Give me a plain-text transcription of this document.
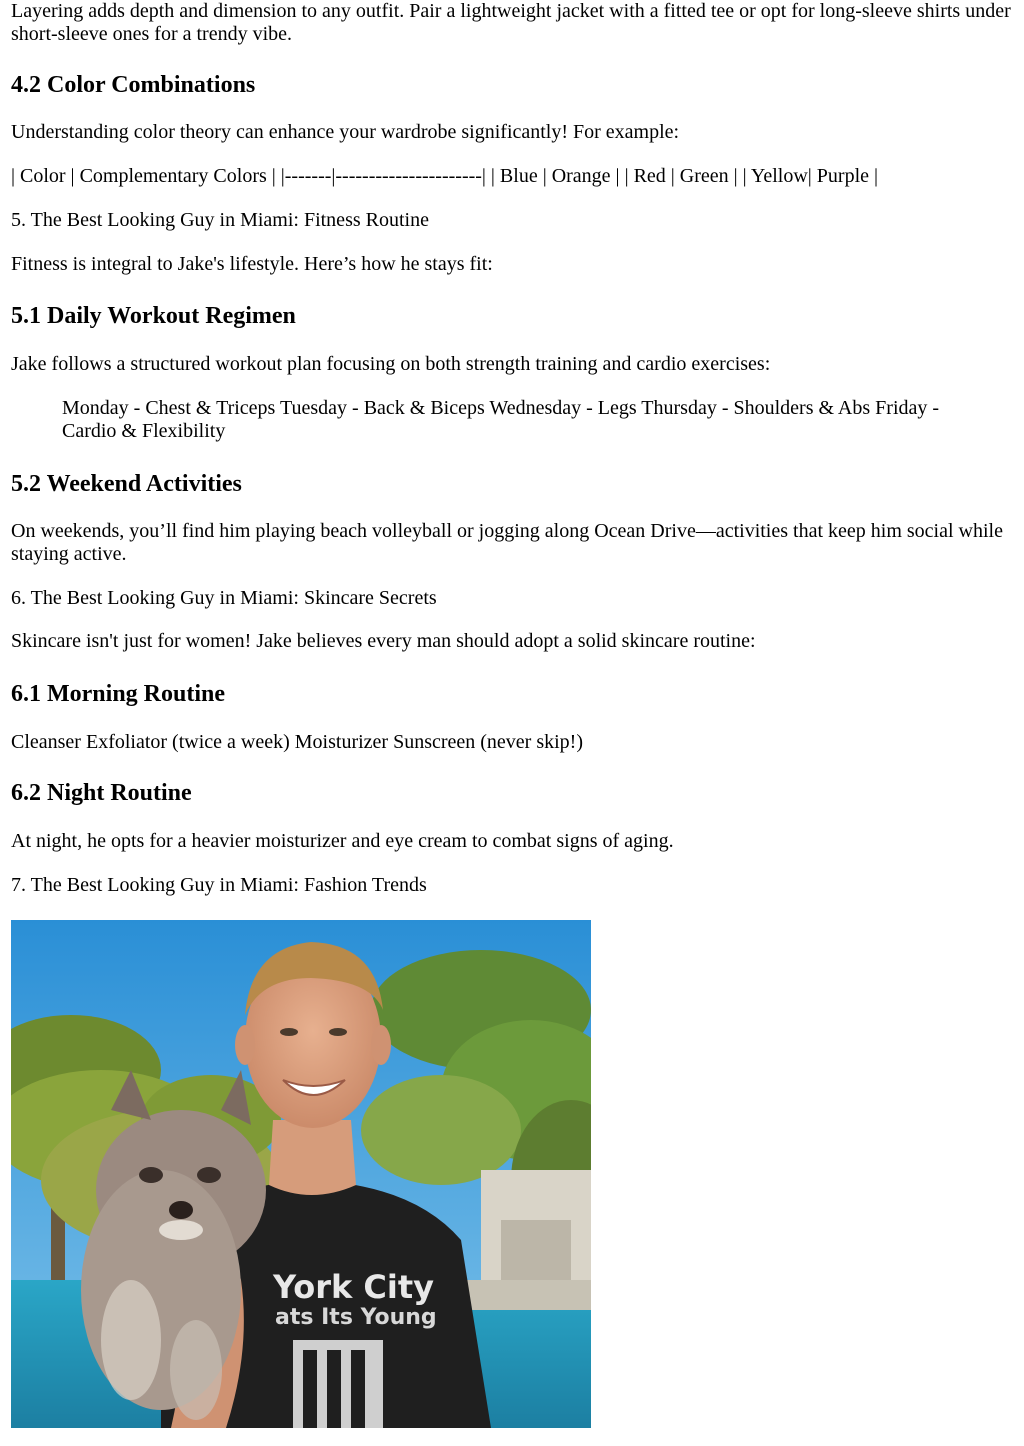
Layering adds depth and dimension to any outfit. Pair a lightweight jacket with a fitted tee or opt for long-sleeve shirts under short-sleeve ones for a trendy vibe.

4.2 Color Combinations

Understanding color theory can enhance your wardrobe significantly! For example:

| Color | Complementary Colors | |-------|----------------------| | Blue | Orange | | Red | Green | | Yellow| Purple |

5. The Best Looking Guy in Miami: Fitness Routine

Fitness is integral to Jake's lifestyle. Here’s how he stays fit:

5.1 Daily Workout Regimen

Jake follows a structured workout plan focusing on both strength training and cardio exercises:

Monday - Chest & Triceps Tuesday - Back & Biceps Wednesday - Legs Thursday - Shoulders & Abs Friday - Cardio & Flexibility

5.2 Weekend Activities

On weekends, you’ll find him playing beach volleyball or jogging along Ocean Drive—activities that keep him social while staying active.

6. The Best Looking Guy in Miami: Skincare Secrets

Skincare isn't just for women! Jake believes every man should adopt a solid skincare routine:

6.1 Morning Routine

Cleanser Exfoliator (twice a week) Moisturizer Sunscreen (never skip!)

6.2 Night Routine

At night, he opts for a heavier moisturizer and eye cream to combat signs of aging.

7. The Best Looking Guy in Miami: Fashion Trends

York City
ats Its Young
